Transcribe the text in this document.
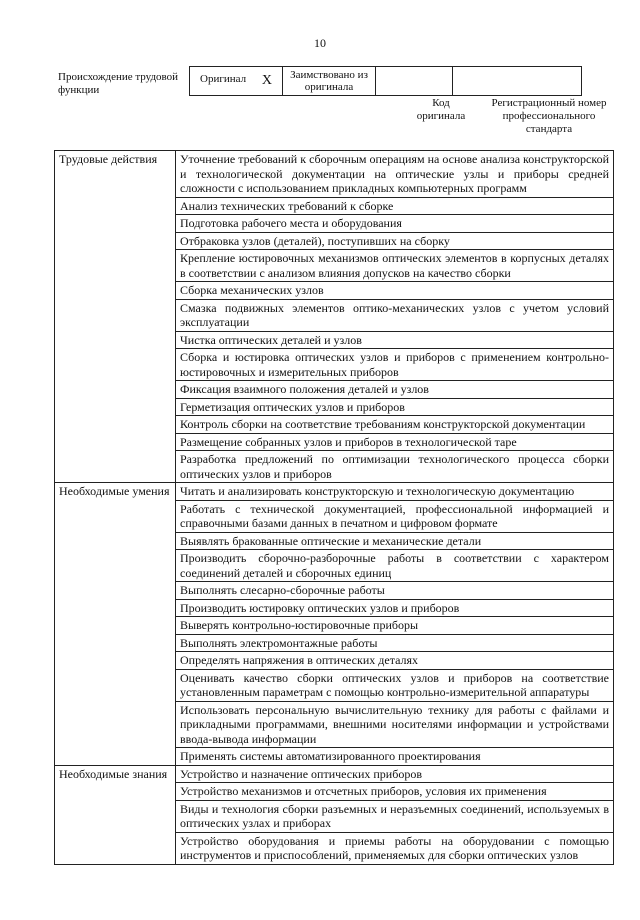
10
Происхождение трудовой функции
Оригинал X	Заимствовано из оригинала		
Код оригинала
Регистрационный номер профессионального стандарта
Трудовые действия	Уточнение требований к сборочным операциям на основе анализа конструкторской и технологической документации на оптические узлы и приборы средней сложности с использованием прикладных компьютерных программ
	Анализ технических требований к сборке
	Подготовка рабочего места и оборудования
	Отбраковка узлов (деталей), поступивших на сборку
	Крепление юстировочных механизмов оптических элементов в корпусных деталях в соответствии с анализом влияния допусков на качество сборки
	Сборка механических узлов
	Смазка подвижных элементов оптико-механических узлов с учетом условий эксплуатации
	Чистка оптических деталей и узлов
	Сборка и юстировка оптических узлов и приборов с применением контрольно-юстировочных и измерительных приборов
	Фиксация взаимного положения деталей и узлов
	Герметизация оптических узлов и приборов
	Контроль сборки на соответствие требованиям конструкторской документации
	Размещение собранных узлов и приборов в технологической таре
	Разработка предложений по оптимизации технологического процесса сборки оптических узлов и приборов
Необходимые умения	Читать и анализировать конструкторскую и технологическую документацию
	Работать с технической документацией, профессиональной информацией и справочными базами данных в печатном и цифровом формате
	Выявлять бракованные оптические и механические детали
	Производить сборочно-разборочные работы в соответствии с характером соединений деталей и сборочных единиц
	Выполнять слесарно-сборочные работы
	Производить юстировку оптических узлов и приборов
	Выверять контрольно-юстировочные приборы
	Выполнять электромонтажные работы
	Определять напряжения в оптических деталях
	Оценивать качество сборки оптических узлов и приборов на соответствие установленным параметрам с помощью контрольно-измерительной аппаратуры
	Использовать персональную вычислительную технику для работы с файлами и прикладными программами, внешними носителями информации и устройствами ввода-вывода информации
	Применять системы автоматизированного проектирования
Необходимые знания	Устройство и назначение оптических приборов
	Устройство механизмов и отсчетных приборов, условия их применения
	Виды и технология сборки разъемных и неразъемных соединений, используемых в оптических узлах и приборах
	Устройство оборудования и приемы работы на оборудовании с помощью инструментов и приспособлений, применяемых для сборки оптических узлов
